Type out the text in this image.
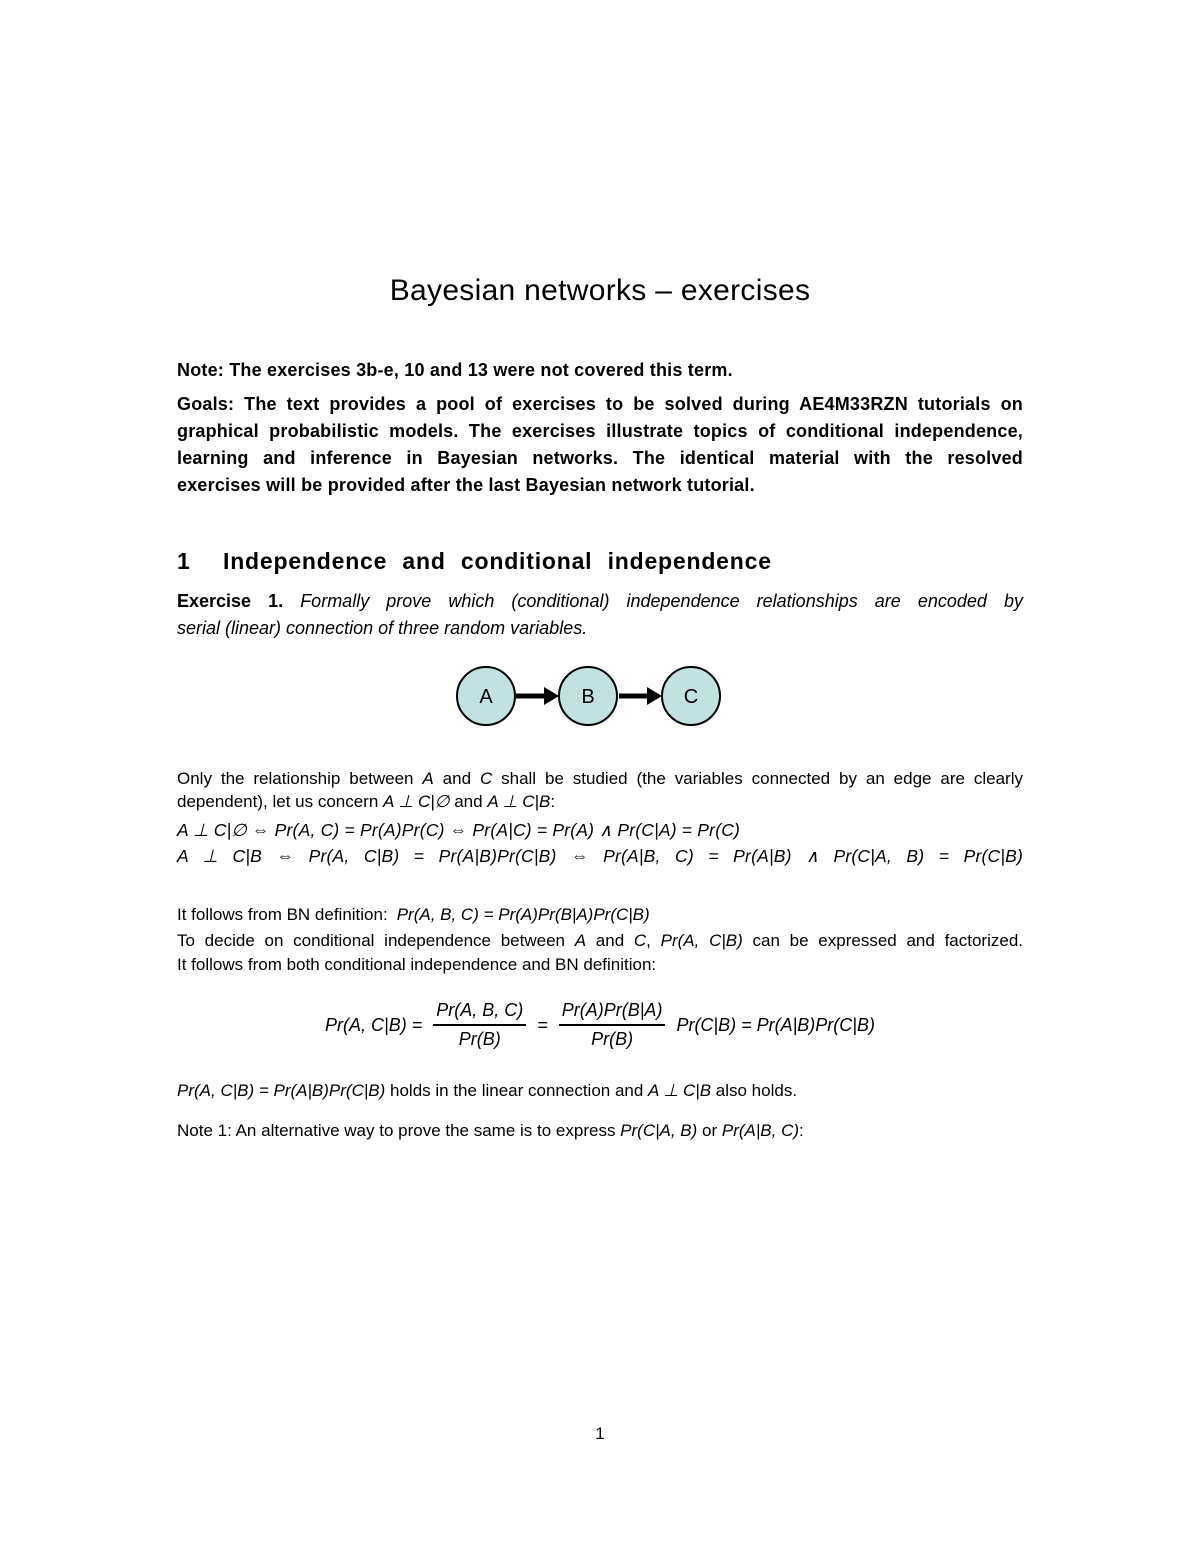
Bayesian networks – exercises

Note: The exercises 3b-e, 10 and 13 were not covered this term.

Goals: The text provides a pool of exercises to be solved during AE4M33RZN tutorials on
graphical probabilistic models. The exercises illustrate topics of conditional independence,
learning and inference in Bayesian networks. The identical material with the resolved
exercises will be provided after the last Bayesian network tutorial.
1 Independence and conditional independence
Exercise 1. Formally prove which (conditional) independence relationships are encoded by
serial (linear) connection of three random variables.
A	B	C
Only the relationship between A and C shall be studied (the variables connected by an edge are clearly
dependent), let us concern A ⊥ C|∅ and A ⊥ C|B:
A ⊥ C|∅ ⇔ Pr(A, C) = Pr(A)Pr(C) ⇔ Pr(A|C) = Pr(A) ∧ Pr(C|A) = Pr(C)
A ⊥ C|B ⇔ Pr(A, C|B) = Pr(A|B)Pr(C|B) ⇔ Pr(A|B, C) = Pr(A|B) ∧ Pr(C|A, B) = Pr(C|B)

It follows from BN definition: Pr(A, B, C) = Pr(A)Pr(B|A)Pr(C|B)

To decide on conditional independence between A and C, Pr(A, C|B) can be expressed and factorized.
It follows from both conditional independence and BN definition:
Pr(A, $C|B) = \frac{Pr(A, B, C)}{Pr(B)} = \frac{Pr(A)Pr(B|A)}{Pr(B)} Pr(C|B) = Pr(A|B)Pr(C|B)$

Pr(A, C|B) = Pr(A|B)Pr(C|B) holds in the linear connection and A ⊥ C|B also holds.

Note 1: An alternative way to prove the same is to express Pr(C|A, B) or Pr(A|B, C):

1
